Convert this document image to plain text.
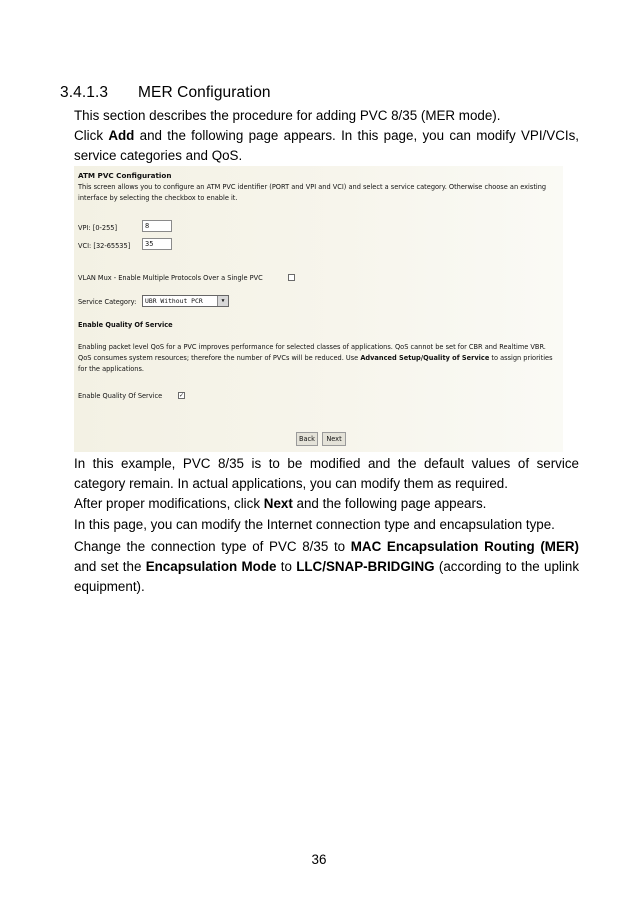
3.4.1.3 MER Configuration
This section describes the procedure for adding PVC 8/35 (MER mode).
Click Add and the following page appears. In this page, you can modify VPI/VCIs, service categories and QoS.
ATM PVC Configuration
This screen allows you to configure an ATM PVC identifier (PORT and VPI and VCI) and select a service category. Otherwise choose an existing interface by selecting the checkbox to enable it.
VPI: [0-255]	8
VCI: [32-65535]	35
VLAN Mux - Enable Multiple Protocols Over a Single PVC
Service Category:	UBR Without PCR	▼
Enable Quality Of Service
Enabling packet level QoS for a PVC improves performance for selected classes of applications. QoS cannot be set for CBR and Realtime VBR. QoS consumes system resources; therefore the number of PVCs will be reduced. Use Advanced Setup/Quality of Service to assign priorities for the applications.
Enable Quality Of Service	✓
Back	Next
In this example, PVC 8/35 is to be modified and the default values of service category remain. In actual applications, you can modify them as required.
After proper modifications, click Next and the following page appears.
In this page, you can modify the Internet connection type and encapsulation type.
Change the connection type of PVC 8/35 to MAC Encapsulation Routing (MER) and set the Encapsulation Mode to LLC/SNAP-BRIDGING (according to the uplink equipment).
36
